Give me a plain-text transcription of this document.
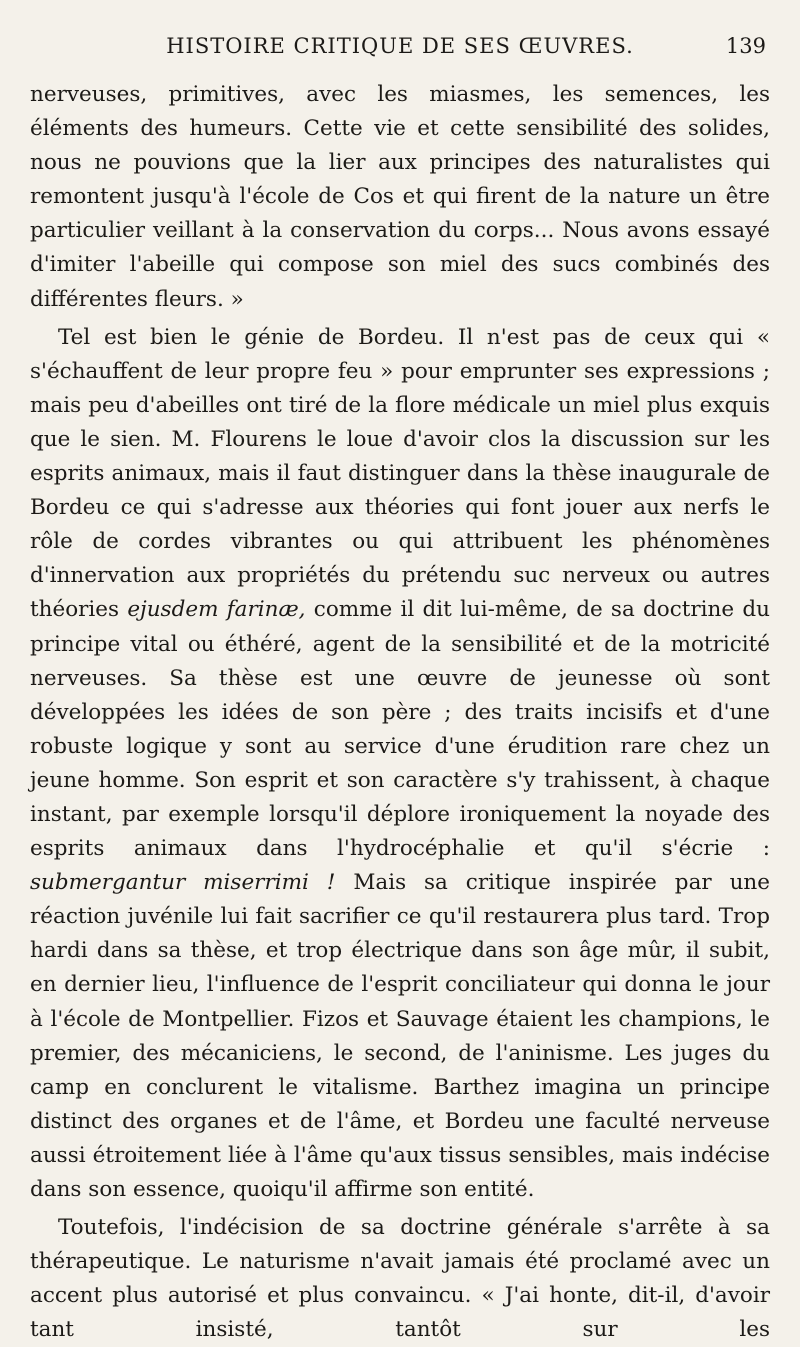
HISTOIRE CRITIQUE DE SES ŒUVRES.	139

nerveuses, primitives, avec les miasmes, les semences, les éléments des humeurs. Cette vie et cette sensibilité des solides, nous ne pouvions que la lier aux principes des naturalistes qui remontent jusqu'à l'école de Cos et qui firent de la nature un être particulier veillant à la conservation du corps... Nous avons essayé d'imiter l'abeille qui compose son miel des sucs combinés des différentes fleurs. »

Tel est bien le génie de Bordeu. Il n'est pas de ceux qui « s'échauffent de leur propre feu » pour emprunter ses expressions ; mais peu d'abeilles ont tiré de la flore médicale un miel plus exquis que le sien. M. Flourens le loue d'avoir clos la discussion sur les esprits animaux, mais il faut distinguer dans la thèse inaugurale de Bordeu ce qui s'adresse aux théories qui font jouer aux nerfs le rôle de cordes vibrantes ou qui attribuent les phénomènes d'innervation aux propriétés du prétendu suc nerveux ou autres théories ejusdem farinæ, comme il dit lui-même, de sa doctrine du principe vital ou éthéré, agent de la sensibilité et de la motricité nerveuses. Sa thèse est une œuvre de jeunesse où sont développées les idées de son père ; des traits incisifs et d'une robuste logique y sont au service d'une érudition rare chez un jeune homme. Son esprit et son caractère s'y trahissent, à chaque instant, par exemple lorsqu'il déplore ironiquement la noyade des esprits animaux dans l'hydrocéphalie et qu'il s'écrie : submergantur miserrimi ! Mais sa critique inspirée par une réaction juvénile lui fait sacrifier ce qu'il restaurera plus tard. Trop hardi dans sa thèse, et trop électrique dans son âge mûr, il subit, en dernier lieu, l'influence de l'esprit conciliateur qui donna le jour à l'école de Montpellier. Fizos et Sauvage étaient les champions, le premier, des mécaniciens, le second, de l'aninisme. Les juges du camp en conclurent le vitalisme. Barthez imagina un principe distinct des organes et de l'âme, et Bordeu une faculté nerveuse aussi étroitement liée à l'âme qu'aux tissus sensibles, mais indécise dans son essence, quoiqu'il affirme son entité.

Toutefois, l'indécision de sa doctrine générale s'arrête à sa thérapeutique. Le naturisme n'avait jamais été proclamé avec un accent plus autorisé et plus convaincu. « J'ai honte, dit-il, d'avoir tant insisté, tantôt sur les
